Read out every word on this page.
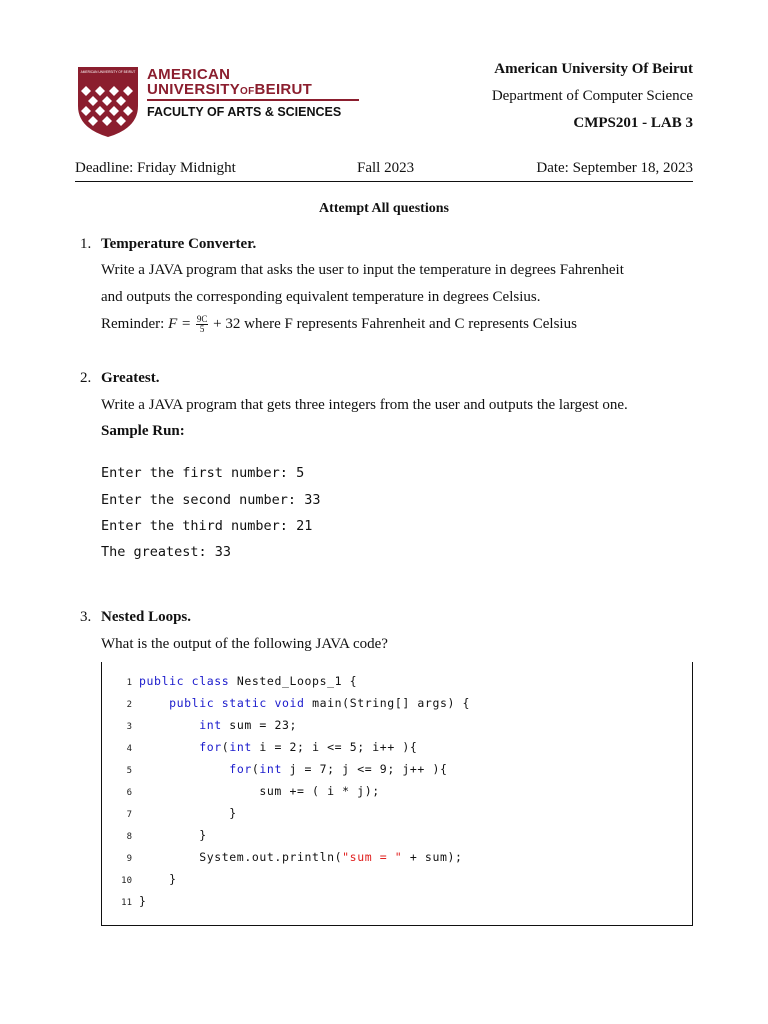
AMERICAN UNIVERSITY OF BEIRUT AMERICAN
UNIVERSITYOFBEIRUT
FACULTY OF ARTS & SCIENCES
American University Of Beirut
Department of Computer Science
CMPS201 - LAB 3
Deadline: Friday Midnight	Fall 2023	Date: September 18, 2023
Attempt All questions
1. Temperature Converter.
Write a JAVA program that asks the user to input the temperature in degrees Fahrenheit
and outputs the corresponding equivalent temperature in degrees Celsius.
Reminder: $F = \frac{9C}{5} + 32$ where F represents Fahrenheit and C represents Celsius
2. Greatest.
Write a JAVA program that gets three integers from the user and outputs the largest one.
Sample Run:
Enter the first number: 5
Enter the second number: 33
Enter the third number: 21
The greatest: 33
3. Nested Loops.
What is the output of the following JAVA code?
1 public class Nested_Loops_1 {
2	public static void main(String[] args) {
3	int sum = 23;
4	for(int i = 2; i <= 5; i++ ){
5	for(int j = 7; j <= 9; j++ ){
6 sum += ( i * j);
7 }
8 }
9 System.out.println("sum = " + sum);
10 }
11 }
